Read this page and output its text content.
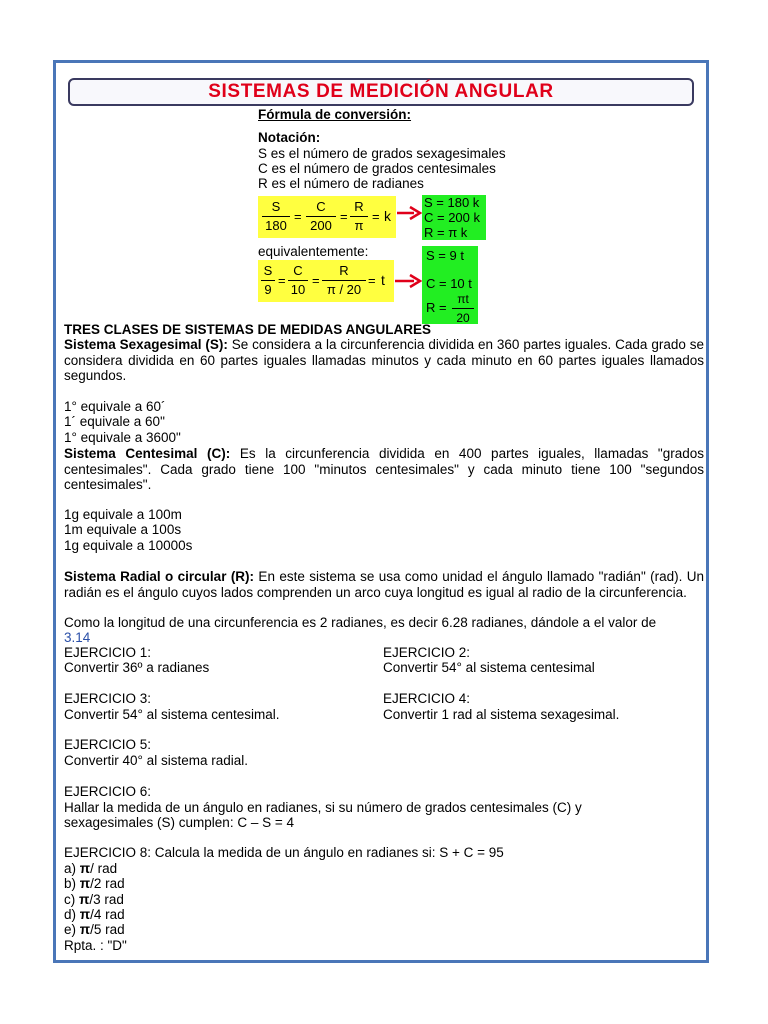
SISTEMAS DE MEDICIÓN ANGULAR
Fórmula de conversión:
Notación:
S es el número de grados sexagesimales
C es el número de grados centesimales
R es el número de radianes
S
180
=
C
200
=
R
π
= k
S = 180 k
C = 200 k
R = π k
equivalentemente:
S
9
=
C
10
=
R
π / 20
= t
S = 9 t
C = 10 t
R =
πt
20
TRES CLASES DE SISTEMAS DE MEDIDAS ANGULARES
Sistema Sexagesimal (S): Se considera a la circunferencia dividida en 360 partes iguales. Cada grado se considera dividida en 60 partes iguales llamadas minutos y cada minuto en 60 partes iguales llamados segundos.
1° equivale a 60´
1´ equivale a 60"
1° equivale a 3600"
Sistema Centesimal (C): Es la circunferencia dividida en 400 partes iguales, llamadas "grados centesimales". Cada grado tiene 100 "minutos centesimales" y cada minuto tiene 100 "segundos centesimales".
1g equivale a 100m
1m equivale a 100s
1g equivale a 10000s
Sistema Radial o circular (R): En este sistema se usa como unidad el ángulo llamado "radián" (rad). Un radián es el ángulo cuyos lados comprenden un arco cuya longitud es igual al radio de la circunferencia.
Como la longitud de una circunferencia es 2 radianes, es decir 6.28 radianes, dándole a el valor de
3.14
EJERCICIO 1:
Convertir 36º a radianes
EJERCICIO 2:
Convertir 54° al sistema centesimal
EJERCICIO 3:
Convertir 54° al sistema centesimal.
EJERCICIO 4:
Convertir 1 rad al sistema sexagesimal.
EJERCICIO 5:
Convertir 40° al sistema radial.
EJERCICIO 6:
Hallar la medida de un ángulo en radianes, si su número de grados centesimales (C) y
sexagesimales (S) cumplen: C – S = 4
EJERCICIO 8: Calcula la medida de un ángulo en radianes si: S + C = 95
a) π/ rad
b) π/2 rad
c) π/3 rad
d) π/4 rad
e) π/5 rad
Rpta. : "D"
